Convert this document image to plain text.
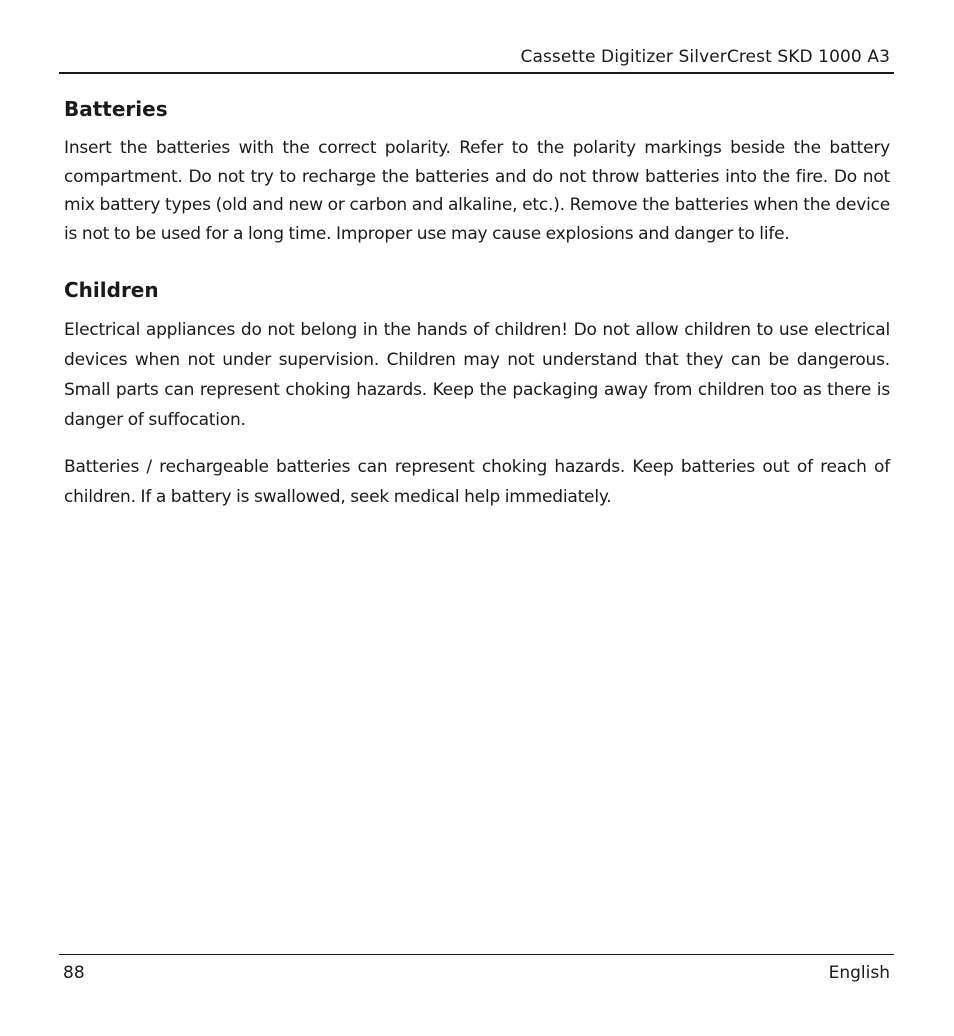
Cassette Digitizer SilverCrest SKD 1000 A3
Batteries

Insert the batteries with the correct polarity. Refer to the polarity markings beside the battery compartment. Do not try to recharge the batteries and do not throw batteries into the fire. Do not mix battery types (old and new or carbon and alkaline, etc.). Remove the batteries when the device is not to be used for a long time. Improper use may cause explosions and danger to life.

Children

Electrical appliances do not belong in the hands of children! Do not allow children to use electrical devices when not under supervision. Children may not understand that they can be dangerous. Small parts can represent choking hazards. Keep the packaging away from children too as there is danger of suffocation.

Batteries / rechargeable batteries can represent choking hazards. Keep batteries out of reach of children. If a battery is swallowed, seek medical help immediately.

88	English
